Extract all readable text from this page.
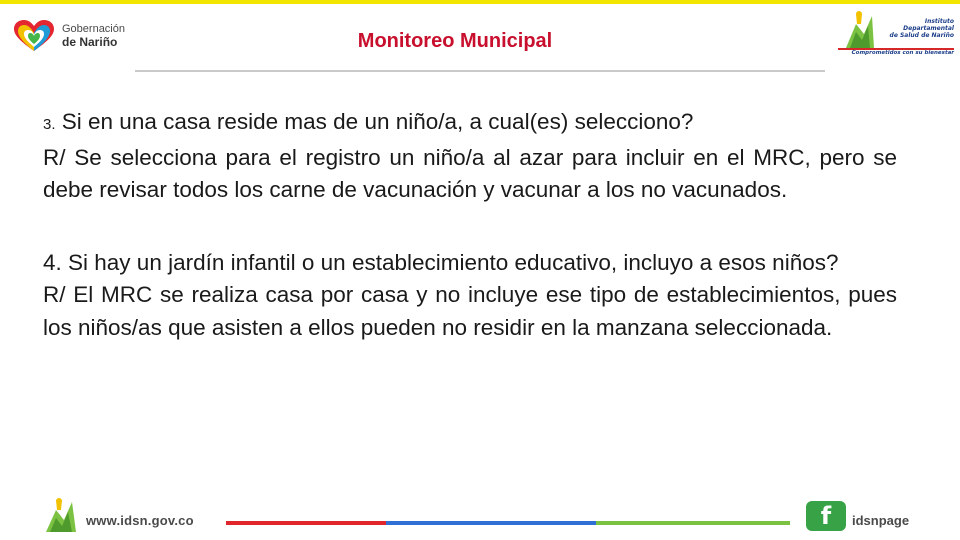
Gobernación
de Nariño	Monitoreo Municipal
Instituto
Departamental
de Salud de Nariño
Comprometidos con su bienestar

3. Si en una casa reside mas de un niño/a, a cual(es) selecciono?

R/ Se selecciona para el registro un niño/a al azar para incluir en el MRC, pero se debe revisar todos los carne de vacunación y vacunar a los no vacunados.

4. Si hay un jardín infantil o un establecimiento educativo, incluyo a esos niños?

R/ El MRC se realiza casa por casa y no incluye ese tipo de establecimientos, pues los niños/as que asisten a ellos pueden no residir en la manzana seleccionada.

www.idsn.gov.co	f idsnpage
